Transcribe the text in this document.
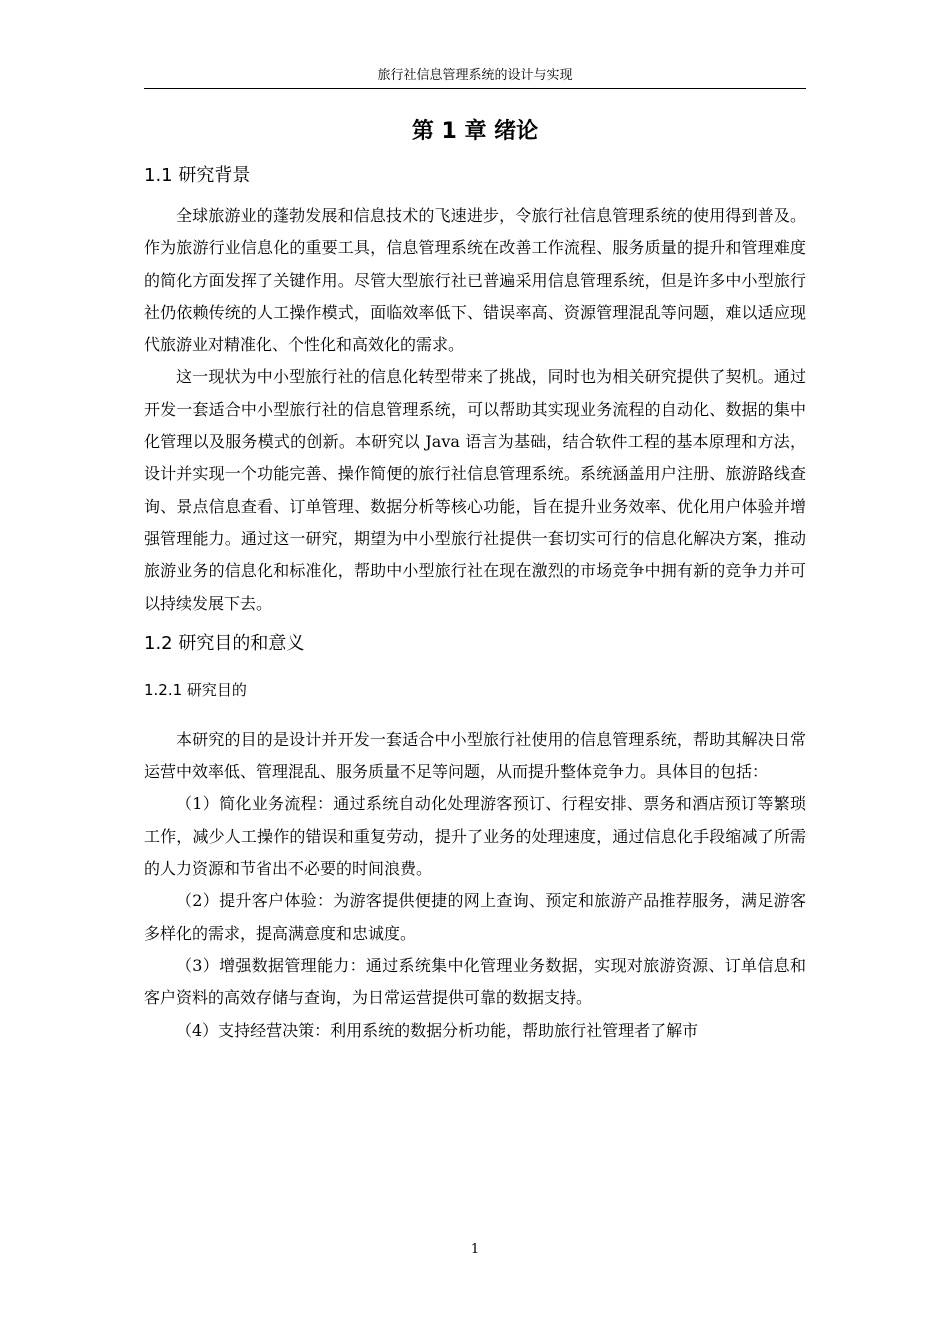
旅行社信息管理系统的设计与实现
第 1 章 绪论
1.1 研究背景

全球旅游业的蓬勃发展和信息技术的飞速进步，令旅行社信息管理系统的使用得到普及。作为旅游行业信息化的重要工具，信息管理系统在改善工作流程、服务质量的提升和管理难度的简化方面发挥了关键作用。尽管大型旅行社已普遍采用信息管理系统，但是许多中小型旅行社仍依赖传统的人工操作模式，面临效率低下、错误率高、资源管理混乱等问题，难以适应现代旅游业对精准化、个性化和高效化的需求。

这一现状为中小型旅行社的信息化转型带来了挑战，同时也为相关研究提供了契机。通过开发一套适合中小型旅行社的信息管理系统，可以帮助其实现业务流程的自动化、数据的集中化管理以及服务模式的创新。本研究以 Java 语言为基础，结合软件工程的基本原理和方法，设计并实现一个功能完善、操作简便的旅行社信息管理系统。系统涵盖用户注册、旅游路线查询、景点信息查看、订单管理、数据分析等核心功能，旨在提升业务效率、优化用户体验并增强管理能力。通过这一研究，期望为中小型旅行社提供一套切实可行的信息化解决方案，推动旅游业务的信息化和标准化，帮助中小型旅行社在现在激烈的市场竞争中拥有新的竞争力并可以持续发展下去。

1.2 研究目的和意义
1.2.1 研究目的

本研究的目的是设计并开发一套适合中小型旅行社使用的信息管理系统，帮助其解决日常运营中效率低、管理混乱、服务质量不足等问题，从而提升整体竞争力。具体目的包括：

（1）简化业务流程：通过系统自动化处理游客预订、行程安排、票务和酒店预订等繁琐工作，减少人工操作的错误和重复劳动，提升了业务的处理速度，通过信息化手段缩减了所需的人力资源和节省出不必要的时间浪费。

（2）提升客户体验：为游客提供便捷的网上查询、预定和旅游产品推荐服务，满足游客多样化的需求，提高满意度和忠诚度。

（3）增强数据管理能力：通过系统集中化管理业务数据，实现对旅游资源、订单信息和客户资料的高效存储与查询，为日常运营提供可靠的数据支持。

（4）支持经营决策：利用系统的数据分析功能，帮助旅行社管理者了解市

1
